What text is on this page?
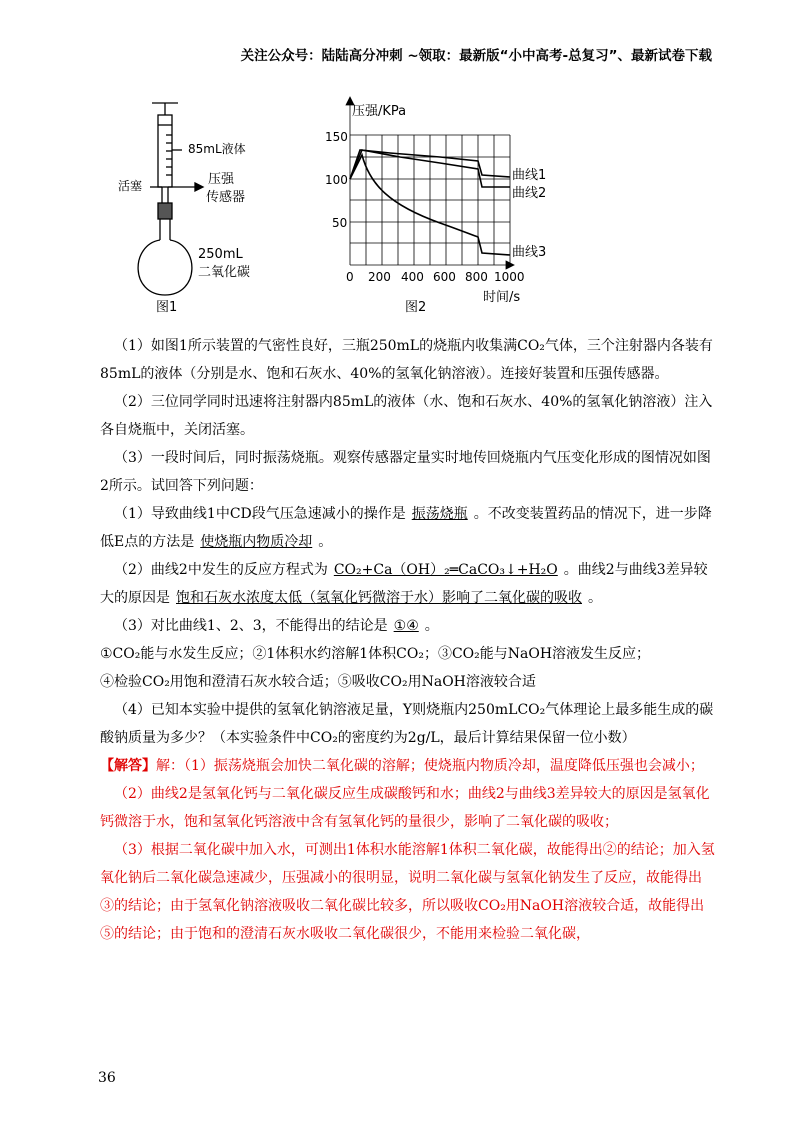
关注公众号：陆陆高分冲刺 ~领取：最新版“小中高考-总复习”、最新试卷下载
85mL液体
活塞	压强
传感器
250mL
二氧化碳
图1
压强/KPa
150
100
50
0 200 400 600 800 1000
时间/s
曲线1
曲线2
曲线3
图2

（1）如图1所示装置的气密性良好，三瓶250mL的烧瓶内收集满CO₂气体，三个注射器内各装有85mL的液体（分别是水、饱和石灰水、40%的氢氧化钠溶液）。连接好装置和压强传感器。

（2）三位同学同时迅速将注射器内85mL的液体（水、饱和石灰水、40%的氢氧化钠溶液）注入各自烧瓶中，关闭活塞。

（3）一段时间后，同时振荡烧瓶。观察传感器定量实时地传回烧瓶内气压变化形成的图情况如图2所示。试回答下列问题：

（1）导致曲线1中CD段气压急速减小的操作是 振荡烧瓶 。不改变装置药品的情况下，进一步降低E点的方法是 使烧瓶内物质冷却 。

（2）曲线2中发生的反应方程式为 CO₂+Ca（OH）₂═CaCO₃↓+H₂O 。曲线2与曲线3差异较大的原因是 饱和石灰水浓度太低（氢氧化钙微溶于水）影响了二氧化碳的吸收 。

（3）对比曲线1、2、3，不能得出的结论是 ①④ 。

①CO₂能与水发生反应；②1体积水约溶解1体积CO₂；③CO₂能与NaOH溶液发生反应；

④检验CO₂用饱和澄清石灰水较合适；⑤吸收CO₂用NaOH溶液较合适

（4）已知本实验中提供的氢氧化钠溶液足量，Y则烧瓶内250mLCO₂气体理论上最多能生成的碳酸钠质量为多少？（本实验条件中CO₂的密度约为2g/L，最后计算结果保留一位小数）

【解答】解：（1）振荡烧瓶会加快二氧化碳的溶解；使烧瓶内物质冷却，温度降低压强也会减小；

（2）曲线2是氢氧化钙与二氧化碳反应生成碳酸钙和水；曲线2与曲线3差异较大的原因是氢氧化钙微溶于水，饱和氢氧化钙溶液中含有氢氧化钙的量很少，影响了二氧化碳的吸收；

（3）根据二氧化碳中加入水，可测出1体积水能溶解1体积二氧化碳，故能得出②的结论；加入氢氧化钠后二氧化碳急速减少，压强减小的很明显，说明二氧化碳与氢氧化钠发生了反应，故能得出③的结论；由于氢氧化钠溶液吸收二氧化碳比较多，所以吸收CO₂用NaOH溶液较合适，故能得出⑤的结论；由于饱和的澄清石灰水吸收二氧化碳很少，不能用来检验二氧化碳，

36
